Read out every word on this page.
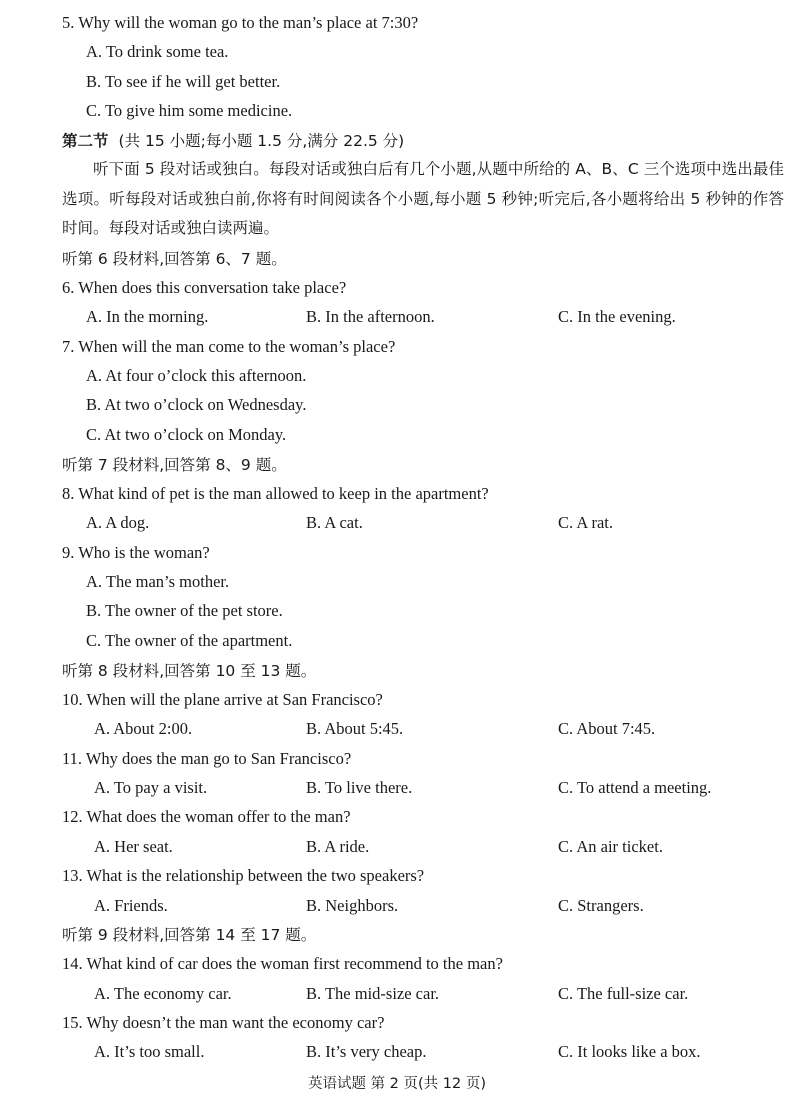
5. Why will the woman go to the man’s place at 7:30?
A. To drink some tea.
B. To see if he will get better.
C. To give him some medicine.
第二节 (共 15 小题;每小题 1.5 分,满分 22.5 分)
听下面 5 段对话或独白。每段对话或独白后有几个小题,从题中所给的 A、B、C 三个选项中选出最佳选项。听每段对话或独白前,你将有时间阅读各个小题,每小题 5 秒钟;听完后,各小题将给出 5 秒钟的作答时间。每段对话或独白读两遍。
听第 6 段材料,回答第 6、7 题。
6. When does this conversation take place?
A. In the morning.	B. In the afternoon.	C. In the evening.
7. When will the man come to the woman’s place?
A. At four o’clock this afternoon.
B. At two o’clock on Wednesday.
C. At two o’clock on Monday.
听第 7 段材料,回答第 8、9 题。
8. What kind of pet is the man allowed to keep in the apartment?
A. A dog.	B. A cat.	C. A rat.
9. Who is the woman?
A. The man’s mother.
B. The owner of the pet store.
C. The owner of the apartment.
听第 8 段材料,回答第 10 至 13 题。
10. When will the plane arrive at San Francisco?
A. About 2:00.	B. About 5:45.	C. About 7:45.
11. Why does the man go to San Francisco?
A. To pay a visit.	B. To live there.	C. To attend a meeting.
12. What does the woman offer to the man?
A. Her seat.	B. A ride.	C. An air ticket.
13. What is the relationship between the two speakers?
A. Friends.	B. Neighbors.	C. Strangers.
听第 9 段材料,回答第 14 至 17 题。
14. What kind of car does the woman first recommend to the man?
A. The economy car.	B. The mid-size car.	C. The full-size car.
15. Why doesn’t the man want the economy car?
A. It’s too small.	B. It’s very cheap.	C. It looks like a box.
英语试题 第 2 页(共 12 页)
